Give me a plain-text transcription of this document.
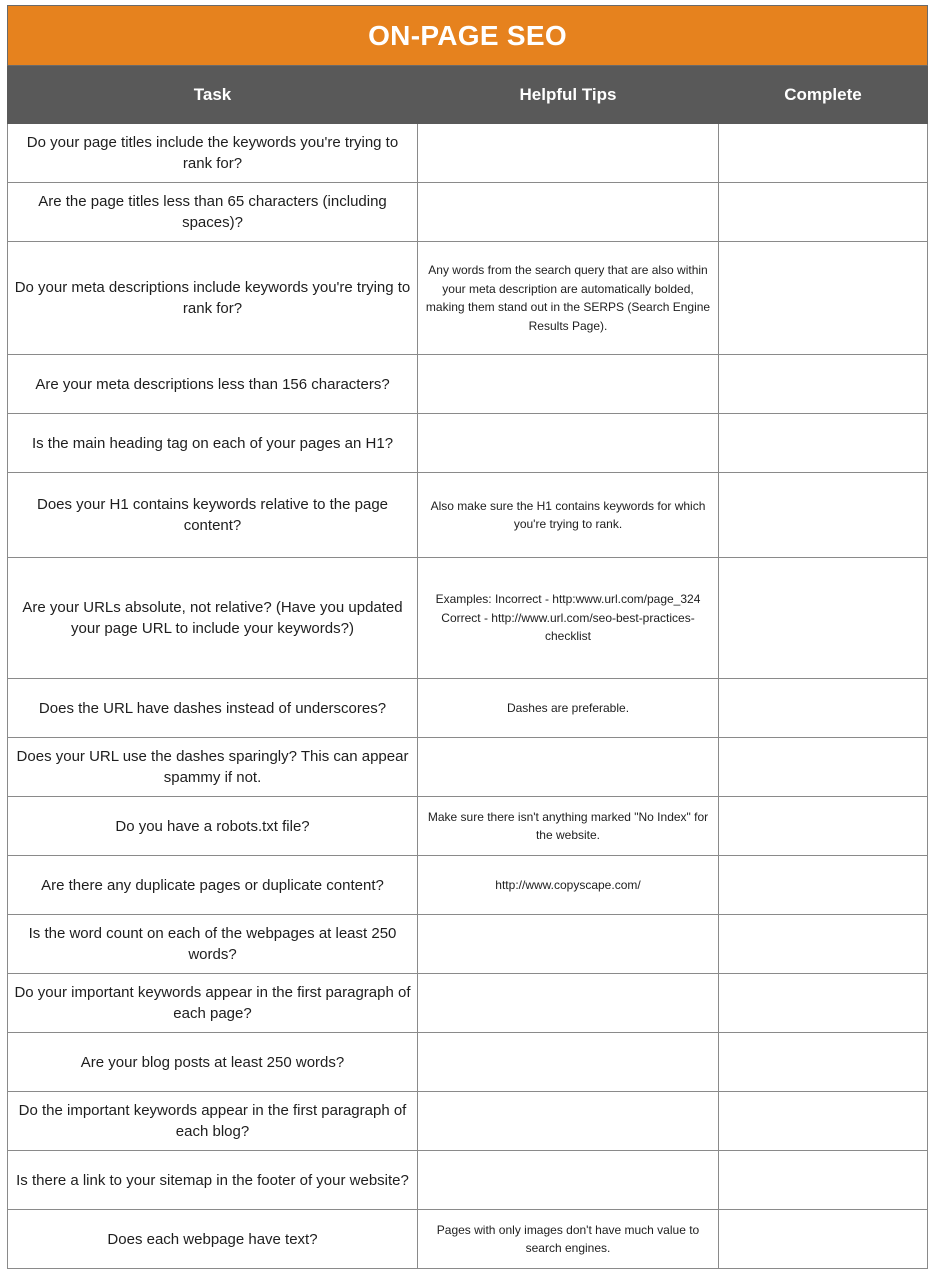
ON-PAGE SEO		
Task	Helpful Tips	Complete
Do your page titles include the keywords you're trying to rank for?		
Are the page titles less than 65 characters (including spaces)?		
Do your meta descriptions include keywords you're trying to rank for?	Any words from the search query that are also within your meta description are automatically bolded, making them stand out in the SERPS (Search Engine Results Page).	
Are your meta descriptions less than 156 characters?		
Is the main heading tag on each of your pages an H1?		
Does your H1 contains keywords relative to the page content?	Also make sure the H1 contains keywords for which you're trying to rank.	
Are your URLs absolute, not relative? (Have you updated your page URL to include your keywords?)	Examples: Incorrect - http:www.url.com/page_324 Correct - http://www.url.com/seo-best-practices-checklist	
Does the URL have dashes instead of underscores?	Dashes are preferable.	
Does your URL use the dashes sparingly? This can appear spammy if not.		
Do you have a robots.txt file?	Make sure there isn't anything marked "No Index" for the website.	
Are there any duplicate pages or duplicate content?	http://www.copyscape.com/	
Is the word count on each of the webpages at least 250 words?		
Do your important keywords appear in the first paragraph of each page?		
Are your blog posts at least 250 words?		
Do the important keywords appear in the first paragraph of each blog?		
Is there a link to your sitemap in the footer of your website?		
Does each webpage have text?	Pages with only images don't have much value to search engines.	
